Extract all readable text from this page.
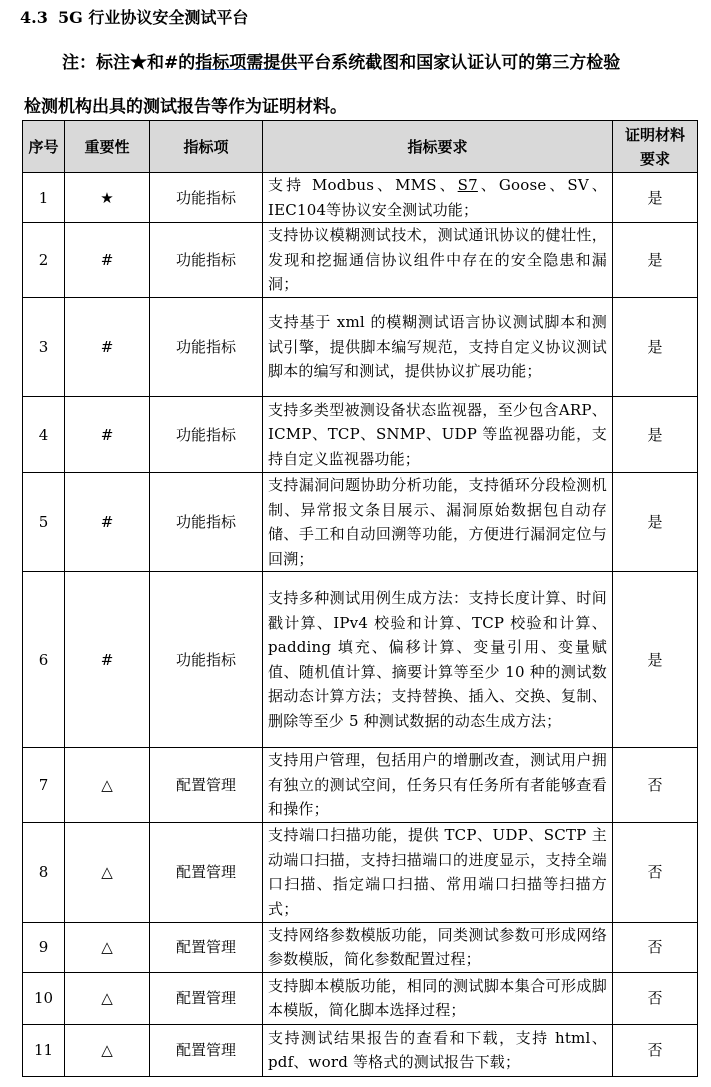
4.3 5G 行业协议安全测试平台
注：标注★和#的指标项需提供平台系统截图和国家认证认可的第三方检验
检测机构出具的测试报告等作为证明材料。
序号	重要性	指标项	指标要求	证明材料要求
1	★	功能指标	支持 Modbus、MMS、S7、Goose、SV、IEC104等协议安全测试功能；	是
2	#	功能指标	支持协议模糊测试技术，测试通讯协议的健壮性，发现和挖掘通信协议组件中存在的安全隐患和漏洞；	是
3	#	功能指标	支持基于 xml 的模糊测试语言协议测试脚本和测试引擎，提供脚本编写规范，支持自定义协议测试脚本的编写和测试，提供协议扩展功能；	是
4	#	功能指标	支持多类型被测设备状态监视器，至少包含ARP、ICMP、TCP、SNMP、UDP 等监视器功能，支持自定义监视器功能；	是
5	#	功能指标	支持漏洞问题协助分析功能，支持循环分段检测机制、异常报文条目展示、漏洞原始数据包自动存储、手工和自动回溯等功能，方便进行漏洞定位与回溯；	是
6	#	功能指标	支持多种测试用例生成方法：支持长度计算、时间戳计算、IPv4 校验和计算、TCP 校验和计算、padding 填充、偏移计算、变量引用、变量赋值、随机值计算、摘要计算等至少 10 种的测试数据动态计算方法；支持替换、插入、交换、复制、删除等至少 5 种测试数据的动态生成方法；	是
7	△	配置管理	支持用户管理，包括用户的增删改查，测试用户拥有独立的测试空间，任务只有任务所有者能够查看和操作；	否
8	△	配置管理	支持端口扫描功能，提供 TCP、UDP、SCTP 主动端口扫描，支持扫描端口的进度显示，支持全端口扫描、指定端口扫描、常用端口扫描等扫描方式；	否
9	△	配置管理	支持网络参数模版功能，同类测试参数可形成网络参数模版，简化参数配置过程；	否
10	△	配置管理	支持脚本模版功能，相同的测试脚本集合可形成脚本模版，简化脚本选择过程；	否
11	△	配置管理	支持测试结果报告的查看和下载，支持 html、pdf、word 等格式的测试报告下载；	否
